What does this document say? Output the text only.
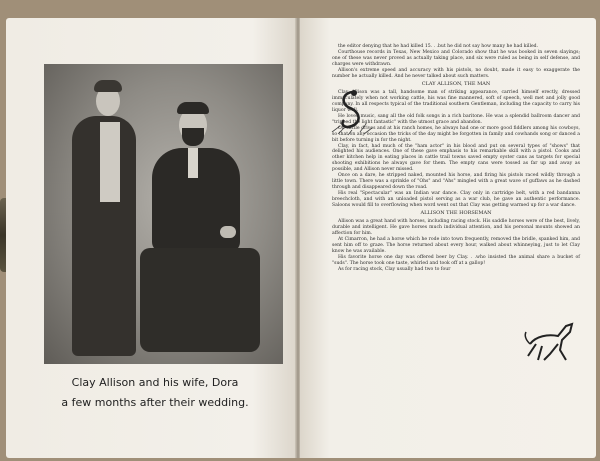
Clay Allison and his wife, Dora
a few months after their wedding.

the editor denying that he had killed 15. . .but he did not say how many he had killed.

Courthouse records in Texas, New Mexico and Colorado show that he was booked in seven slayings; one of these was never proved as actually taking place, and six were ruled as being in self defense, and charges were withdrawn.

Allison's extreme speed and accuracy with his pistols, no doubt, made it easy to exaggerate the number he actually killed. And he never talked about such matters.

CLAY ALLISON, THE MAN

Clay Allison was a tall, handsome man of striking appearance, carried himself erectly, dressed immaculately when not working cattle, his was fine mannered, soft of speech, well met and jolly good company. In all respects typical of the traditional southern Gentleman, including the capacity to carry his liquor well.

He loved music, sang all the old folk songs in a rich baritone. He was a splendid ballroom dancer and "tripped the light fantastic" with the utmost grace and abandon.

On cattle drives and at his ranch homes, he always had one or more good fiddlers among his cowboys, so that on any occasion the tricks of the day might be forgotten in family and cowhands song or danced a bit before turning in for the night.

Clay, in fact, had much of the "ham actor" in his blood and put on several types of "shows" that delighted his audiences. One of these gave emphasis to his remarkable skill with a pistol. Cooks and other kitchen help in eating places in cattle trail towns saved empty oyster cans as targets for special shooting exhibitions he always gave for them. The empty cans were tossed as far up and away as possible, and Allison never missed.

Once on a dare, he stripped naked, mounted his horse, and firing his pistols raced wildly through a little town. There was a sprinkle of "Ohs" and "Ahs" mingled with a great wave of guffaws as he dashed through and disappeared down the road.

His real "Spectacular" was an Indian war dance. Clay only in cartridge belt, with a red bandanna breechcloth, and with an unloaded pistol serving as a war club, he gave an authentic performance. Saloons would fill to overflowing when word went out that Clay was getting warmed up for a war dance.

ALLISON THE HORSEMAN

Allison was a great hand with horses, including racing stock. His saddle horses were of the best, lively, durable and intelligent. He gave horses much individual attention, and his personal mounts showed an affection for him.

At Cimarron, he had a horse which he rode into town frequently, removed the bridle, spanked him, and sent him off to graze. The horse returned about every hour, walked about whinneying, just to let Clay know he was available.

His favorite horse one day was offered beer by Clay. . .who insisted the animal share a bucket of "suds". The horse took one taste, whirled and took off at a gallop!

As for racing stock, Clay usually had two to four
